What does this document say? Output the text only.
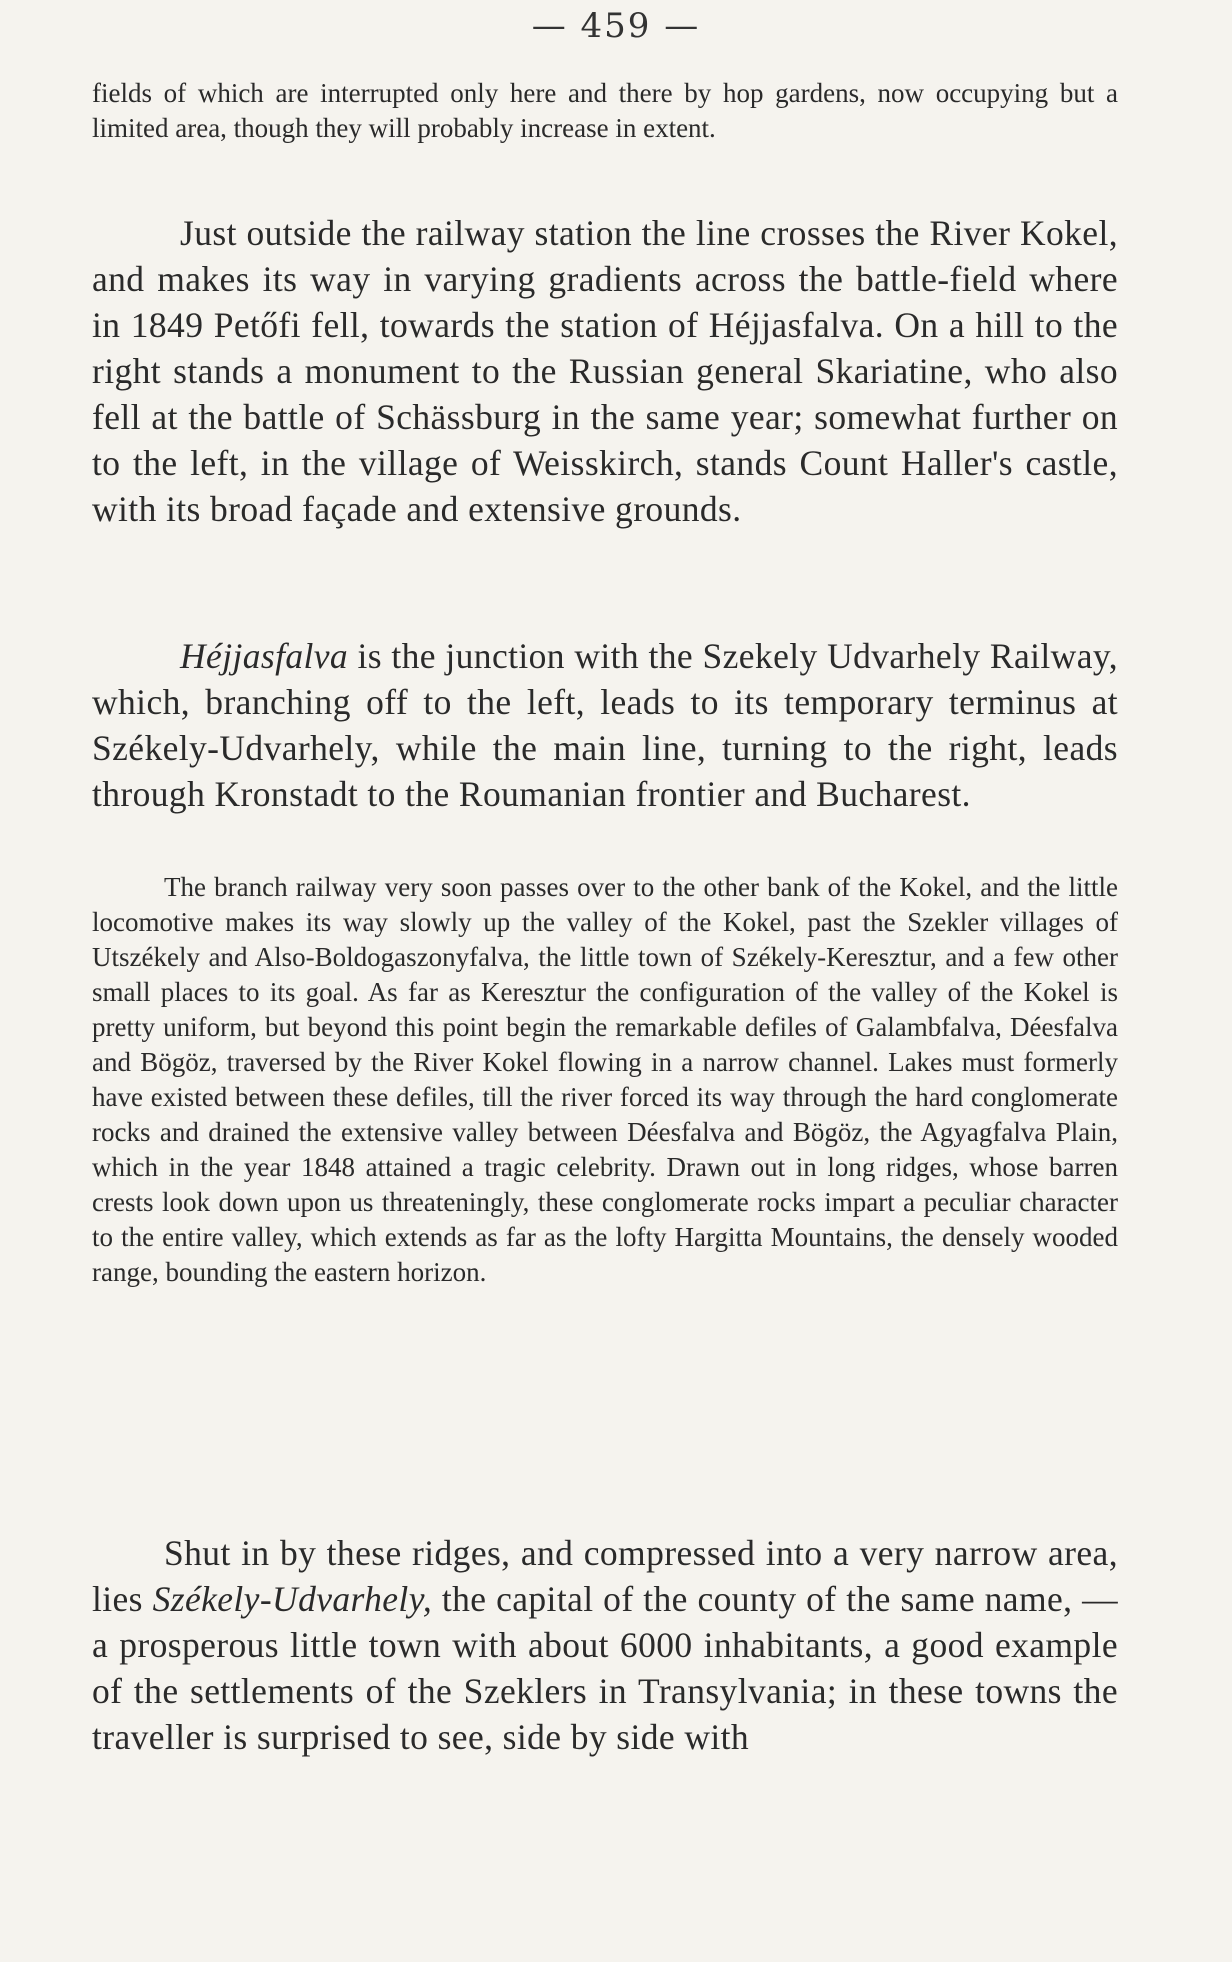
— 459 —

fields of which are interrupted only here and there by hop gardens, now occupying but a limited area, though they will probably increase in extent.

Just outside the railway station the line crosses the River Kokel, and makes its way in varying gradients across the battle-field where in 1849 Petőfi fell, towards the station of Héjjasfalva. On a hill to the right stands a monument to the Russian general Skariatine, who also fell at the battle of Schässburg in the same year; somewhat further on to the left, in the village of Weisskirch, stands Count Haller's castle, with its broad façade and extensive grounds.

Héjjasfalva is the junction with the Szekely Udvarhely Railway, which, branching off to the left, leads to its temporary terminus at Székely-Udvarhely, while the main line, turning to the right, leads through Kronstadt to the Roumanian frontier and Bucharest.

The branch railway very soon passes over to the other bank of the Kokel, and the little locomotive makes its way slowly up the valley of the Kokel, past the Szekler villages of Utszékely and Also-Boldogaszonyfalva, the little town of Székely-Keresztur, and a few other small places to its goal. As far as Keresztur the configuration of the valley of the Kokel is pretty uniform, but beyond this point begin the remarkable defiles of Galambfalva, Déesfalva and Bögöz, traversed by the River Kokel flowing in a narrow channel. Lakes must formerly have existed between these defiles, till the river forced its way through the hard conglomerate rocks and drained the extensive valley between Déesfalva and Bögöz, the Agyagfalva Plain, which in the year 1848 attained a tragic celebrity. Drawn out in long ridges, whose barren crests look down upon us threateningly, these conglomerate rocks impart a peculiar character to the entire valley, which extends as far as the lofty Hargitta Mountains, the densely wooded range, bounding the eastern horizon.

Shut in by these ridges, and compressed into a very narrow area, lies Székely-Udvarhely, the capital of the county of the same name, — a prosperous little town with about 6000 inhabitants, a good example of the settlements of the Szeklers in Transylvania; in these towns the traveller is surprised to see, side by side with
